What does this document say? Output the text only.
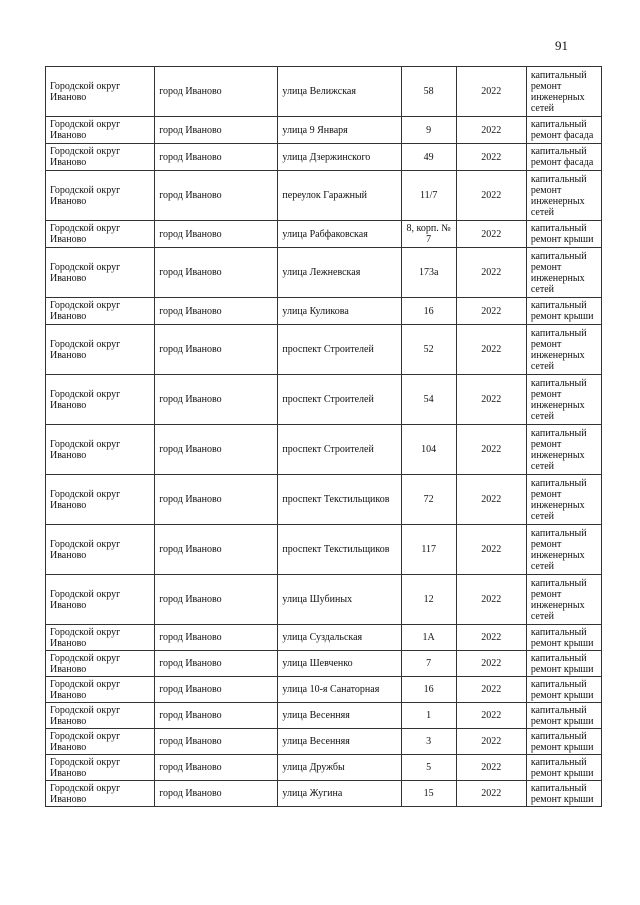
91
Городской округ Иваново	город Иваново	улица Велижская	58	2022	капитальный ремонт инженерных сетей
Городской округ Иваново	город Иваново	улица 9 Января	9	2022	капитальный ремонт фасада
Городской округ Иваново	город Иваново	улица Дзержинского	49	2022	капитальный ремонт фасада
Городской округ Иваново	город Иваново	переулок Гаражный	11/7	2022	капитальный ремонт инженерных сетей
Городской округ Иваново	город Иваново	улица Рабфаковская	8, корп. № 7	2022	капитальный ремонт крыши
Городской округ Иваново	город Иваново	улица Лежневская	173а	2022	капитальный ремонт инженерных сетей
Городской округ Иваново	город Иваново	улица Куликова	16	2022	капитальный ремонт крыши
Городской округ Иваново	город Иваново	проспект Строителей	52	2022	капитальный ремонт инженерных сетей
Городской округ Иваново	город Иваново	проспект Строителей	54	2022	капитальный ремонт инженерных сетей
Городской округ Иваново	город Иваново	проспект Строителей	104	2022	капитальный ремонт инженерных сетей
Городской округ Иваново	город Иваново	проспект Текстильщиков	72	2022	капитальный ремонт инженерных сетей
Городской округ Иваново	город Иваново	проспект Текстильщиков	117	2022	капитальный ремонт инженерных сетей
Городской округ Иваново	город Иваново	улица Шубиных	12	2022	капитальный ремонт инженерных сетей
Городской округ Иваново	город Иваново	улица Суздальская	1А	2022	капитальный ремонт крыши
Городской округ Иваново	город Иваново	улица Шевченко	7	2022	капитальный ремонт крыши
Городской округ Иваново	город Иваново	улица 10-я Санаторная	16	2022	капитальный ремонт крыши
Городской округ Иваново	город Иваново	улица Весенняя	1	2022	капитальный ремонт крыши
Городской округ Иваново	город Иваново	улица Весенняя	3	2022	капитальный ремонт крыши
Городской округ Иваново	город Иваново	улица Дружбы	5	2022	капитальный ремонт крыши
Городской округ Иваново	город Иваново	улица Жугина	15	2022	капитальный ремонт крыши
